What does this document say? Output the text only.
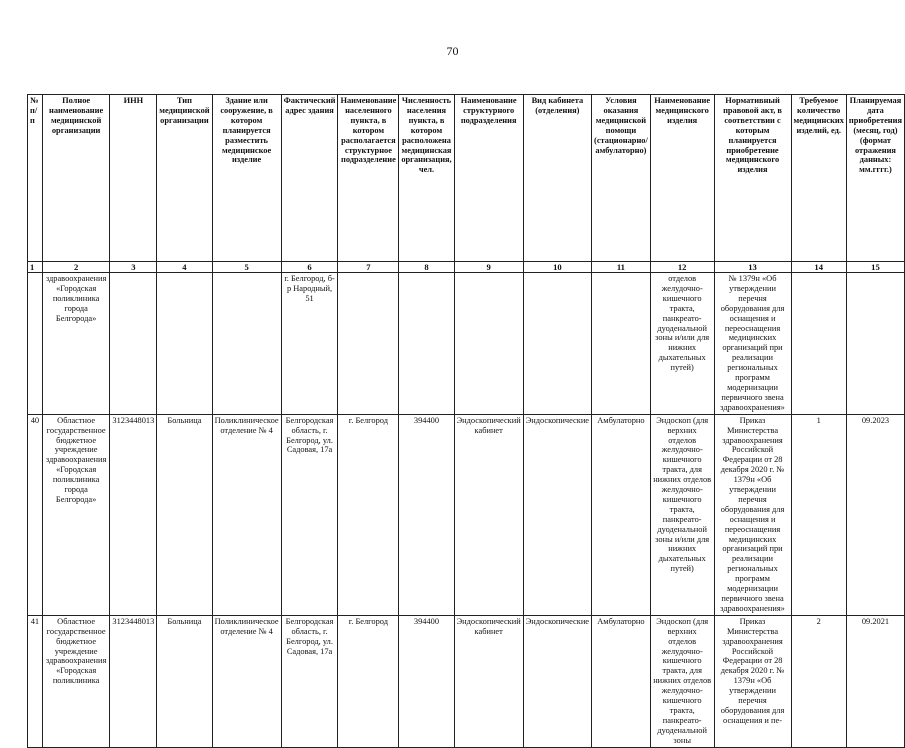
70
№ п/п	Полное наименование медицинской организации	ИНН	Тип медицинской организации	Здание или сооружение, в котором планируется разместить медицинское изделие	Фактический адрес здания	Наименование населенного пункта, в котором располагается структурное подразделение	Численность населения пункта, в котором расположена медицинская организация, чел.	Наименование структурного подразделения	Вид кабинета (отделения)	Условия оказания медицинской помощи (стационарно/амбулаторно)	Наименование медицинского изделия	Нормативный правовой акт, в соответствии с которым планируется приобретение медицинского изделия	Требуемое количество медицинских изделий, ед.	Планируемая дата приобретения (месяц, год) (формат отражения данных: мм.гггг.)
1	2	3	4	5	6	7	8	9	10	11	12	13	14	15
	здравоохранения «Городская поликлиника города Белгорода»				г. Белгород, б-р Народный, 51						отделов желудочно-кишечного тракта, панкреато-дуоденальной зоны и/или для нижних дыхательных путей)	№ 1379н «Об утверждении перечня оборудования для оснащения и переоснащения медицинских организаций при реализации региональных программ модернизации первичного звена здравоохранения»		
40	Областное государственное бюджетное учреждение здравоохранения «Городская поликлиника города Белгорода»	3123448013	Больница	Поликлиническое отделение № 4	Белгородская область, г. Белгород, ул. Садовая, 17а	г. Белгород	394400	Эндоскопический кабинет	Эндоскопические	Амбулаторно	Эндоскоп (для верхних отделов желудочно-кишечного тракта, для нижних отделов желудочно-кишечного тракта, панкреато-дуоденальной зоны и/или для нижних дыхательных путей)	Приказ Министерства здравоохранения Российской Федерации от 28 декабря 2020 г. № 1379н «Об утверждении перечня оборудования для оснащения и переоснащения медицинских организаций при реализации региональных программ модернизации первичного звена здравоохранения»	1	09.2023
41	Областное государственное бюджетное учреждение здравоохранения «Городская поликлиника	3123448013	Больница	Поликлиническое отделение № 4	Белгородская область, г. Белгород, ул. Садовая, 17а	г. Белгород	394400	Эндоскопический кабинет	Эндоскопические	Амбулаторно	Эндоскоп (для верхних отделов желудочно-кишечного тракта, для нижних отделов желудочно-кишечного тракта, панкреато-дуоденальной зоны	Приказ Министерства здравоохранения Российской Федерации от 28 декабря 2020 г. № 1379н «Об утверждении перечня оборудования для оснащения и пе-	2	09.2021
